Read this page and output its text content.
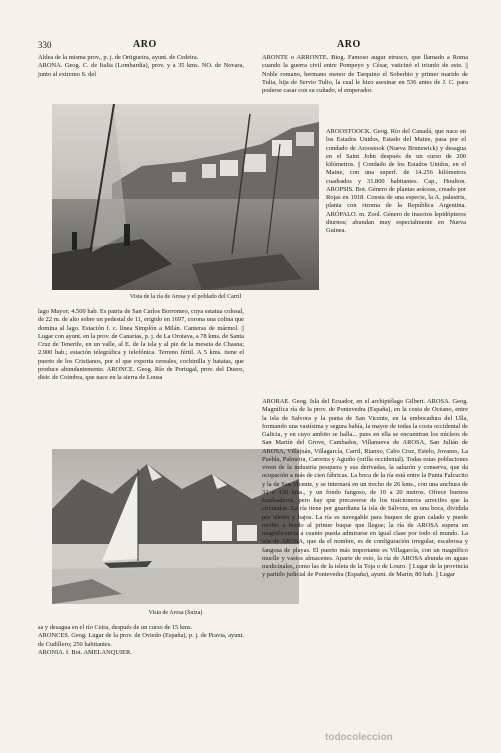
330	ARO	ARO

Aldea de la misma prov., p. j. de Ortigueira, ayunt. de Cedeira.

ARONA. Geog. C. de Italia (Lombardía), prov. y a 35 kms. NO. de Novara, junto al extremo S. del

ARONTE o ARRONTE. Biog. Famoso augur etrusco, que llamado a Roma cuando la guerra civil entre Pompeyo y César, vaticinó el triunfo de este. || Noble romano, hermano menor de Tarquino el Soberbio y primer marido de Tulia, hija de Servio Tulio, la cual le hizo asesinar en 536 antes de J. C. para poderse casar con su cuñado, el emperador.

AROOSTOOCK. Geog. Río del Canadá, que nace en los Estados Unidos, Estado del Maine, pasa por el condado de Aroostook (Nueva Brunswick) y desagua en el Saint John después de un curso de 200 kilómetros. || Condado de los Estados Unidos, en el Maine, con una superf. de 14.256 kilómetros cuadrados y 31.800 habitantes. Cap., Houlton. AROPSIS. Bot. Género de plantas aráceas, creado por Rojas en 1918. Consta de una especie, la A. palustris, planta con rizoma de la República Argentina. ARÓPALO. m. Zool. Género de insectos lepidópteros diurnos; abundan muy especialmente en Nueva Guinea.

Vista de la ría de Arosa y el poblado del Carril

lago Mayor; 4.500 hab. Es patria de San Carlos Borromeo, cuya estatua colosal, de 22 m. de alto sobre un pedestal de 11, erigido en 1697, corona una colina que domina al lago. Estación f. c. línea Simplón a Milán. Canteras de mármol. || Lugar con ayunt. en la prov. de Canarias, p. j. de La Orotava, a 78 kms. de Santa Cruz de Tenerife, en un valle, al E. de la isla y al pie de la meseta de Chasna; 2.900 hab.; estación telegráfica y telefónica. Terreno fértil. A 5 kms. tiene el puerto de los Cristianos, por el que exporta cereales, cochinilla y batatas, que produce abundantemente. ARONCE. Geog. Río de Portugal, prov. del Duero, distr. de Coimbra, que nace en la sierra de Lousa

Vista de Arosa (Suiza)

sa y desagua en el río Ceira, después de un curso de 15 kms.

ARONCES. Geog. Lugar de la prov. de Oviedo (España), p. j. de Pravia, ayunt. de Cudillero; 250 habitantes.

ARONIA. f. Bot. AMELANQUIER.

ARORAE. Geog. Isla del Ecuador, en el archipiélago Gilbert. AROSA. Geog. Magnífica ría de la prov. de Pontevedra (España), en la costa de Océano, entre la isla de Salvora y la punta de San Vicente, en la embocadura del Ulla, formando una vastísima y segura bahía, la mayor de todas la costa occidental de Galicia, y en cuyo ambito se halla... pues en ella se encuentran los núcleos de San Martín del Grove, Cambados, Villanueva de AROSA, San Julián de AROSA, Villajuán, Villagarcía, Carril, Rianxo, Cabo Cruz, Estelo, Jovanes, La Puebla, Palmeira, Carreira y Aguiño (orilla occidental). Todas estas poblaciones viven de la industria pesquera y sus derivadas, la salazón y conserva, que da ocupación a más de cien fábricas. La boca de la ría está entre la Punta Falcucito y la de San Vicente, y se internará en un trecho de 26 kms., con una anchura de 32 a 128 kms., y un fondo fangoso, de 10 a 20 metros. Ofrece buenos fondeaderos, pero hay que precaverse de los traicioneros arrecifes que la circundan. La ría tiene por guardiana la isla de Sálvora, en una boca, dividida por islotes y bajos. La ría es navegable para buques de gran calado y puede recibir a bordo al primer buque que llegue; la ría de AROSA supera en magnificencia a cuanto pueda admirarse en igual clase por todo el mundo. La isla de AROSA, que da el nombre, es de configuración irregular, escabrosa y fangosa de playas. El puerto más importante es Villagarcía, con un magnífico muelle y vastos almacenes. Aparte de esto, la ría de AROSA abunda en aguas medicinales, como las de la isleta de la Toja o de Louro. || Lugar de la provincia y partido judicial de Pontevedra (España), ayunt. de Marín; 80 hab. || Lugar

todocoleccion
